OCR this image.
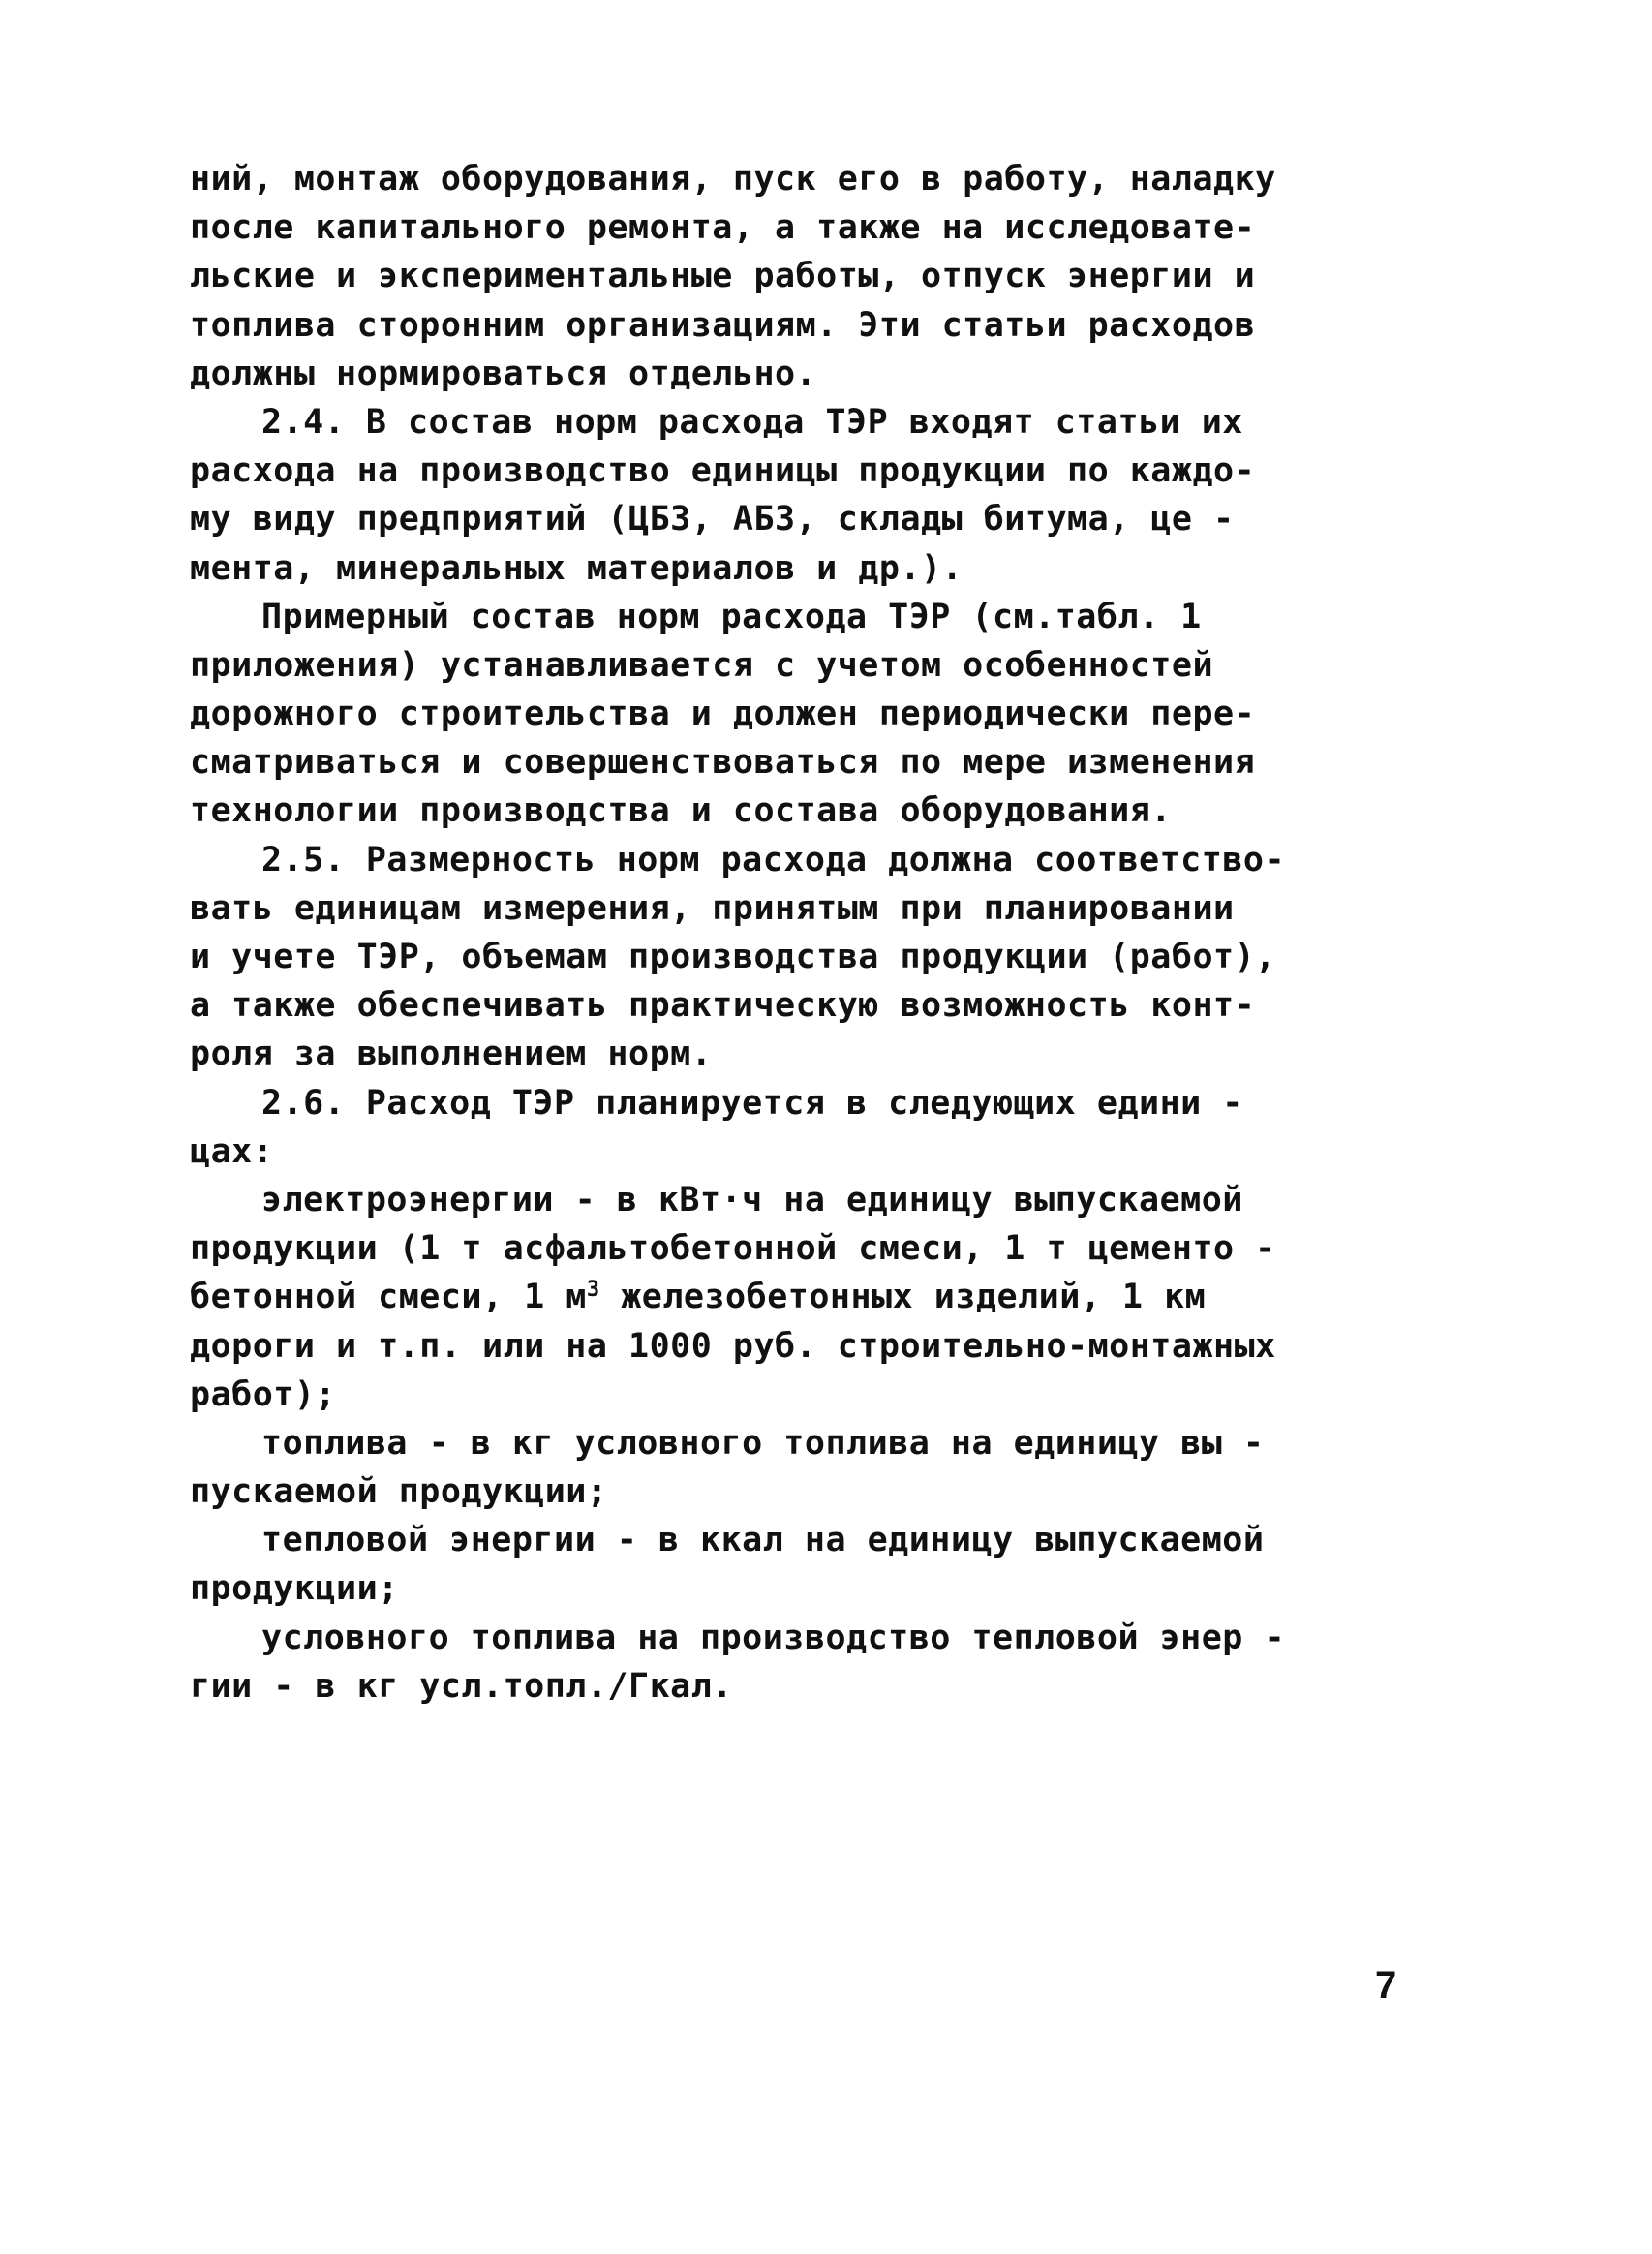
ний, монтаж оборудования, пуск его в работу, наладку
после капитального ремонта, а также на исследовате-
льские и экспериментальные работы, отпуск энергии и
топлива сторонним организациям. Эти статьи расходов
должны нормироваться отдельно.
2.4. В состав норм расхода ТЭР входят статьи их
расхода на производство единицы продукции по каждо-
му виду предприятий (ЦБЗ, АБЗ, склады битума, це -
мента, минеральных материалов и др.).
Примерный состав норм расхода ТЭР (см.табл. 1
приложения) устанавливается с учетом особенностей
дорожного строительства и должен периодически пере-
сматриваться и совершенствоваться по мере изменения
технологии производства и состава оборудования.
2.5. Размерность норм расхода должна соответство-
вать единицам измерения, принятым при планировании
и учете ТЭР, объемам производства продукции (работ),
а также обеспечивать практическую возможность конт-
роля за выполнением норм.
2.6. Расход ТЭР планируется в следующих едини -
цах:
электроэнергии - в кВт·ч на единицу выпускаемой
продукции (1 т асфальтобетонной смеси, 1 т цементо -
бетонной смеси, 1 $м^3$ железобетонных изделий, 1 км
дороги и т.п. или на 1000 руб. строительно-монтажных
работ);
топлива - в кг условного топлива на единицу вы -
пускаемой продукции;
тепловой энергии - в ккал на единицу выпускаемой
продукции;
условного топлива на производство тепловой энер -
гии - в кг усл.топл./Гкал.
7
